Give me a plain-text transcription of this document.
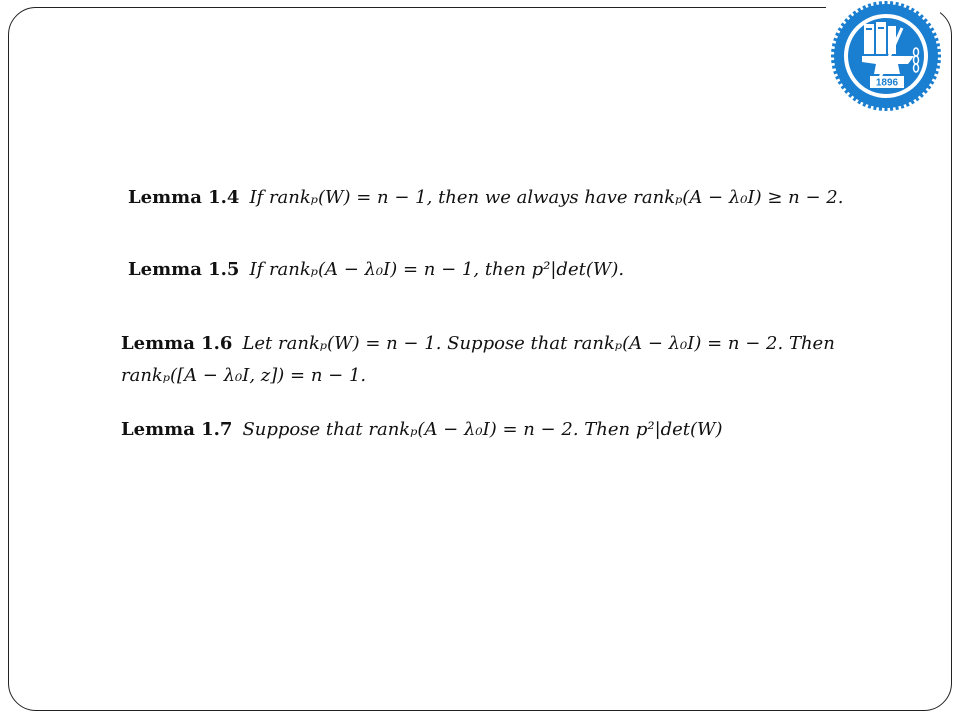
1896
Lemma 1.4 If rankₚ(W) = n − 1, then we always have rankₚ(A − λ₀I) ≥ n − 2.
Lemma 1.5 If rankₚ(A − λ₀I) = n − 1, then p²|det(W).
Lemma 1.6 Let rankₚ(W) = n − 1. Suppose that rankₚ(A − λ₀I) = n − 2. Then
rankₚ([A − λ₀I, z]) = n − 1.
Lemma 1.7 Suppose that rankₚ(A − λ₀I) = n − 2. Then p²|det(W)
